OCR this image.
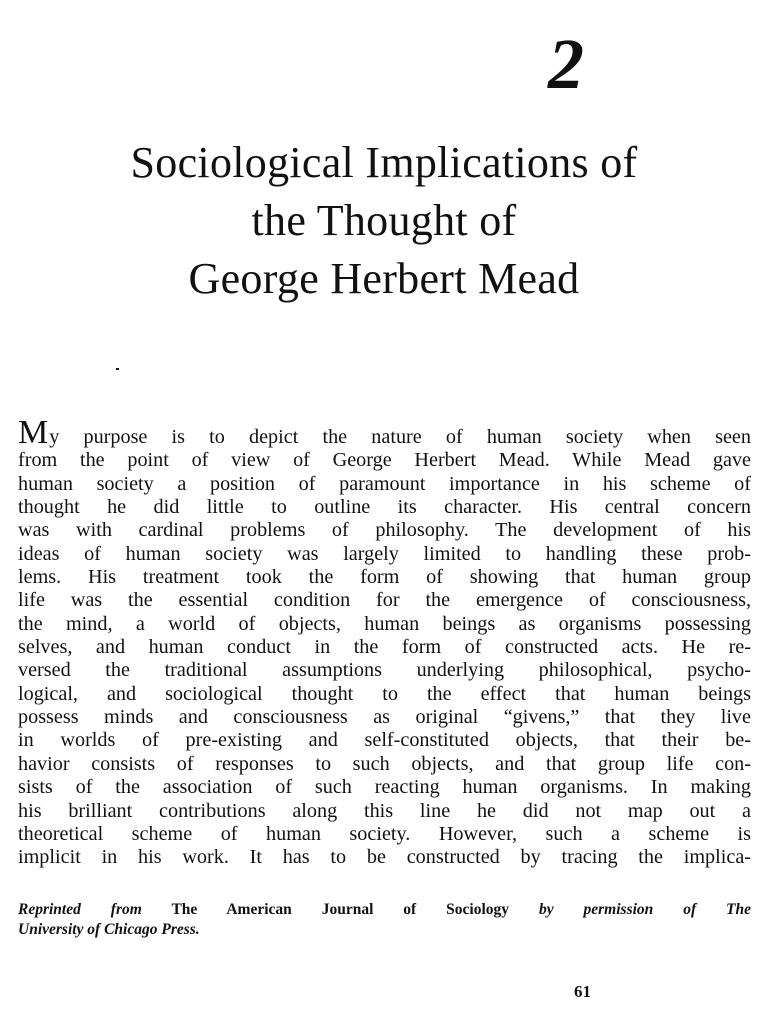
2
Sociological Implications of
the Thought of
George Herbert Mead
My purpose is to depict the nature of human society when seen
from the point of view of George Herbert Mead. While Mead gave
human society a position of paramount importance in his scheme of
thought he did little to outline its character. His central concern
was with cardinal problems of philosophy. The development of his
ideas of human society was largely limited to handling these prob-
lems. His treatment took the form of showing that human group
life was the essential condition for the emergence of consciousness,
the mind, a world of objects, human beings as organisms possessing
selves, and human conduct in the form of constructed acts. He re-
versed the traditional assumptions underlying philosophical, psycho-
logical, and sociological thought to the effect that human beings
possess minds and consciousness as original “givens,” that they live
in worlds of pre-existing and self-constituted objects, that their be-
havior consists of responses to such objects, and that group life con-
sists of the association of such reacting human organisms. In making
his brilliant contributions along this line he did not map out a
theoretical scheme of human society. However, such a scheme is
implicit in his work. It has to be constructed by tracing the implica-
Reprinted from The American Journal of Sociology by permission of The
University of Chicago Press.
61
